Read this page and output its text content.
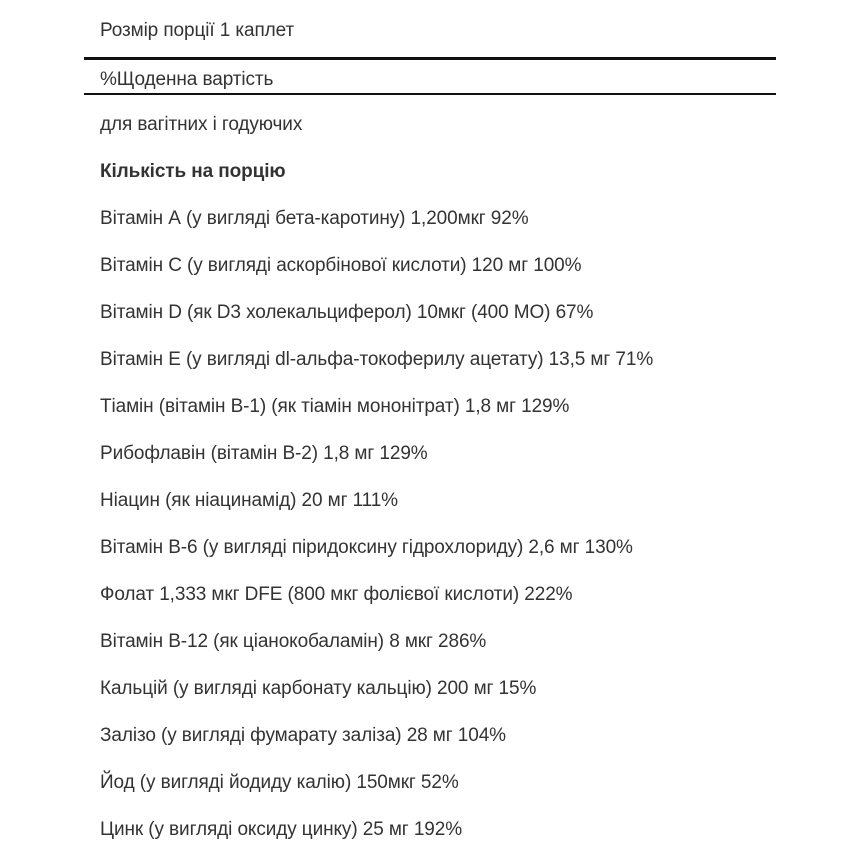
Розмір порції 1 каплет
%Щоденна вартість
для вагітних і годуючих
Кількість на порцію
Вітамін А (у вигляді бета-каротину) 1,200мкг 92%
Вітамін С (у вигляді аскорбінової кислоти) 120 мг 100%
Вітамін D (як D3 холекальциферол) 10мкг (400 МО) 67%
Вітамін Е (у вигляді dl-альфа-токоферилу ацетату) 13,5 мг 71%
Тіамін (вітамін В-1) (як тіамін мононітрат) 1,8 мг 129%
Рибофлавін (вітамін В-2) 1,8 мг 129%
Ніацин (як ніацинамід) 20 мг 111%
Вітамін В-6 (у вигляді піридоксину гідрохлориду) 2,6 мг 130%
Фолат 1,333 мкг DFE (800 мкг фолієвої кислоти) 222%
Вітамін В-12 (як ціанокобаламін) 8 мкг 286%
Кальцій (у вигляді карбонату кальцію) 200 мг 15%
Залізо (у вигляді фумарату заліза) 28 мг 104%
Йод (у вигляді йодиду калію) 150мкг 52%
Цинк (у вигляді оксиду цинку) 25 мг 192%
